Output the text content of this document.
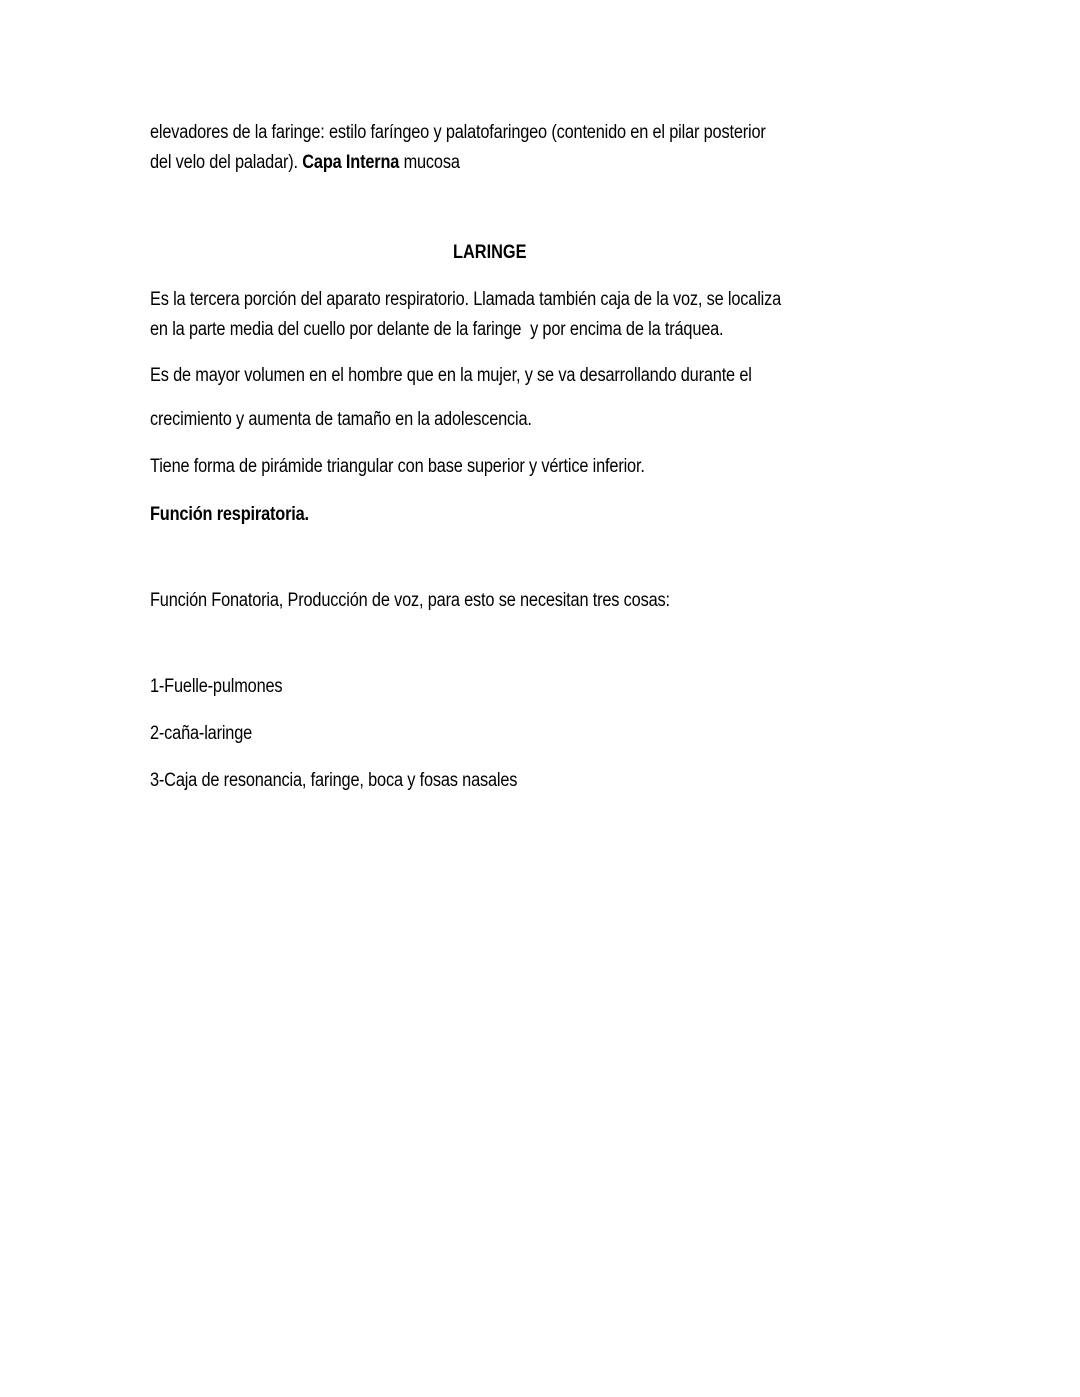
elevadores de la faringe: estilo faríngeo y palatofaringeo (contenido en el pilar posterior
del velo del paladar). Capa Interna mucosa
LARINGE
Es la tercera porción del aparato respiratorio. Llamada también caja de la voz, se localiza
en la parte media del cuello por delante de la faringe  y por encima de la tráquea.
Es de mayor volumen en el hombre que en la mujer, y se va desarrollando durante el
crecimiento y aumenta de tamaño en la adolescencia.
Tiene forma de pirámide triangular con base superior y vértice inferior.
Función respiratoria.
Función Fonatoria, Producción de voz, para esto se necesitan tres cosas:
1-Fuelle-pulmones
2-caña-laringe
3-Caja de resonancia, faringe, boca y fosas nasales
